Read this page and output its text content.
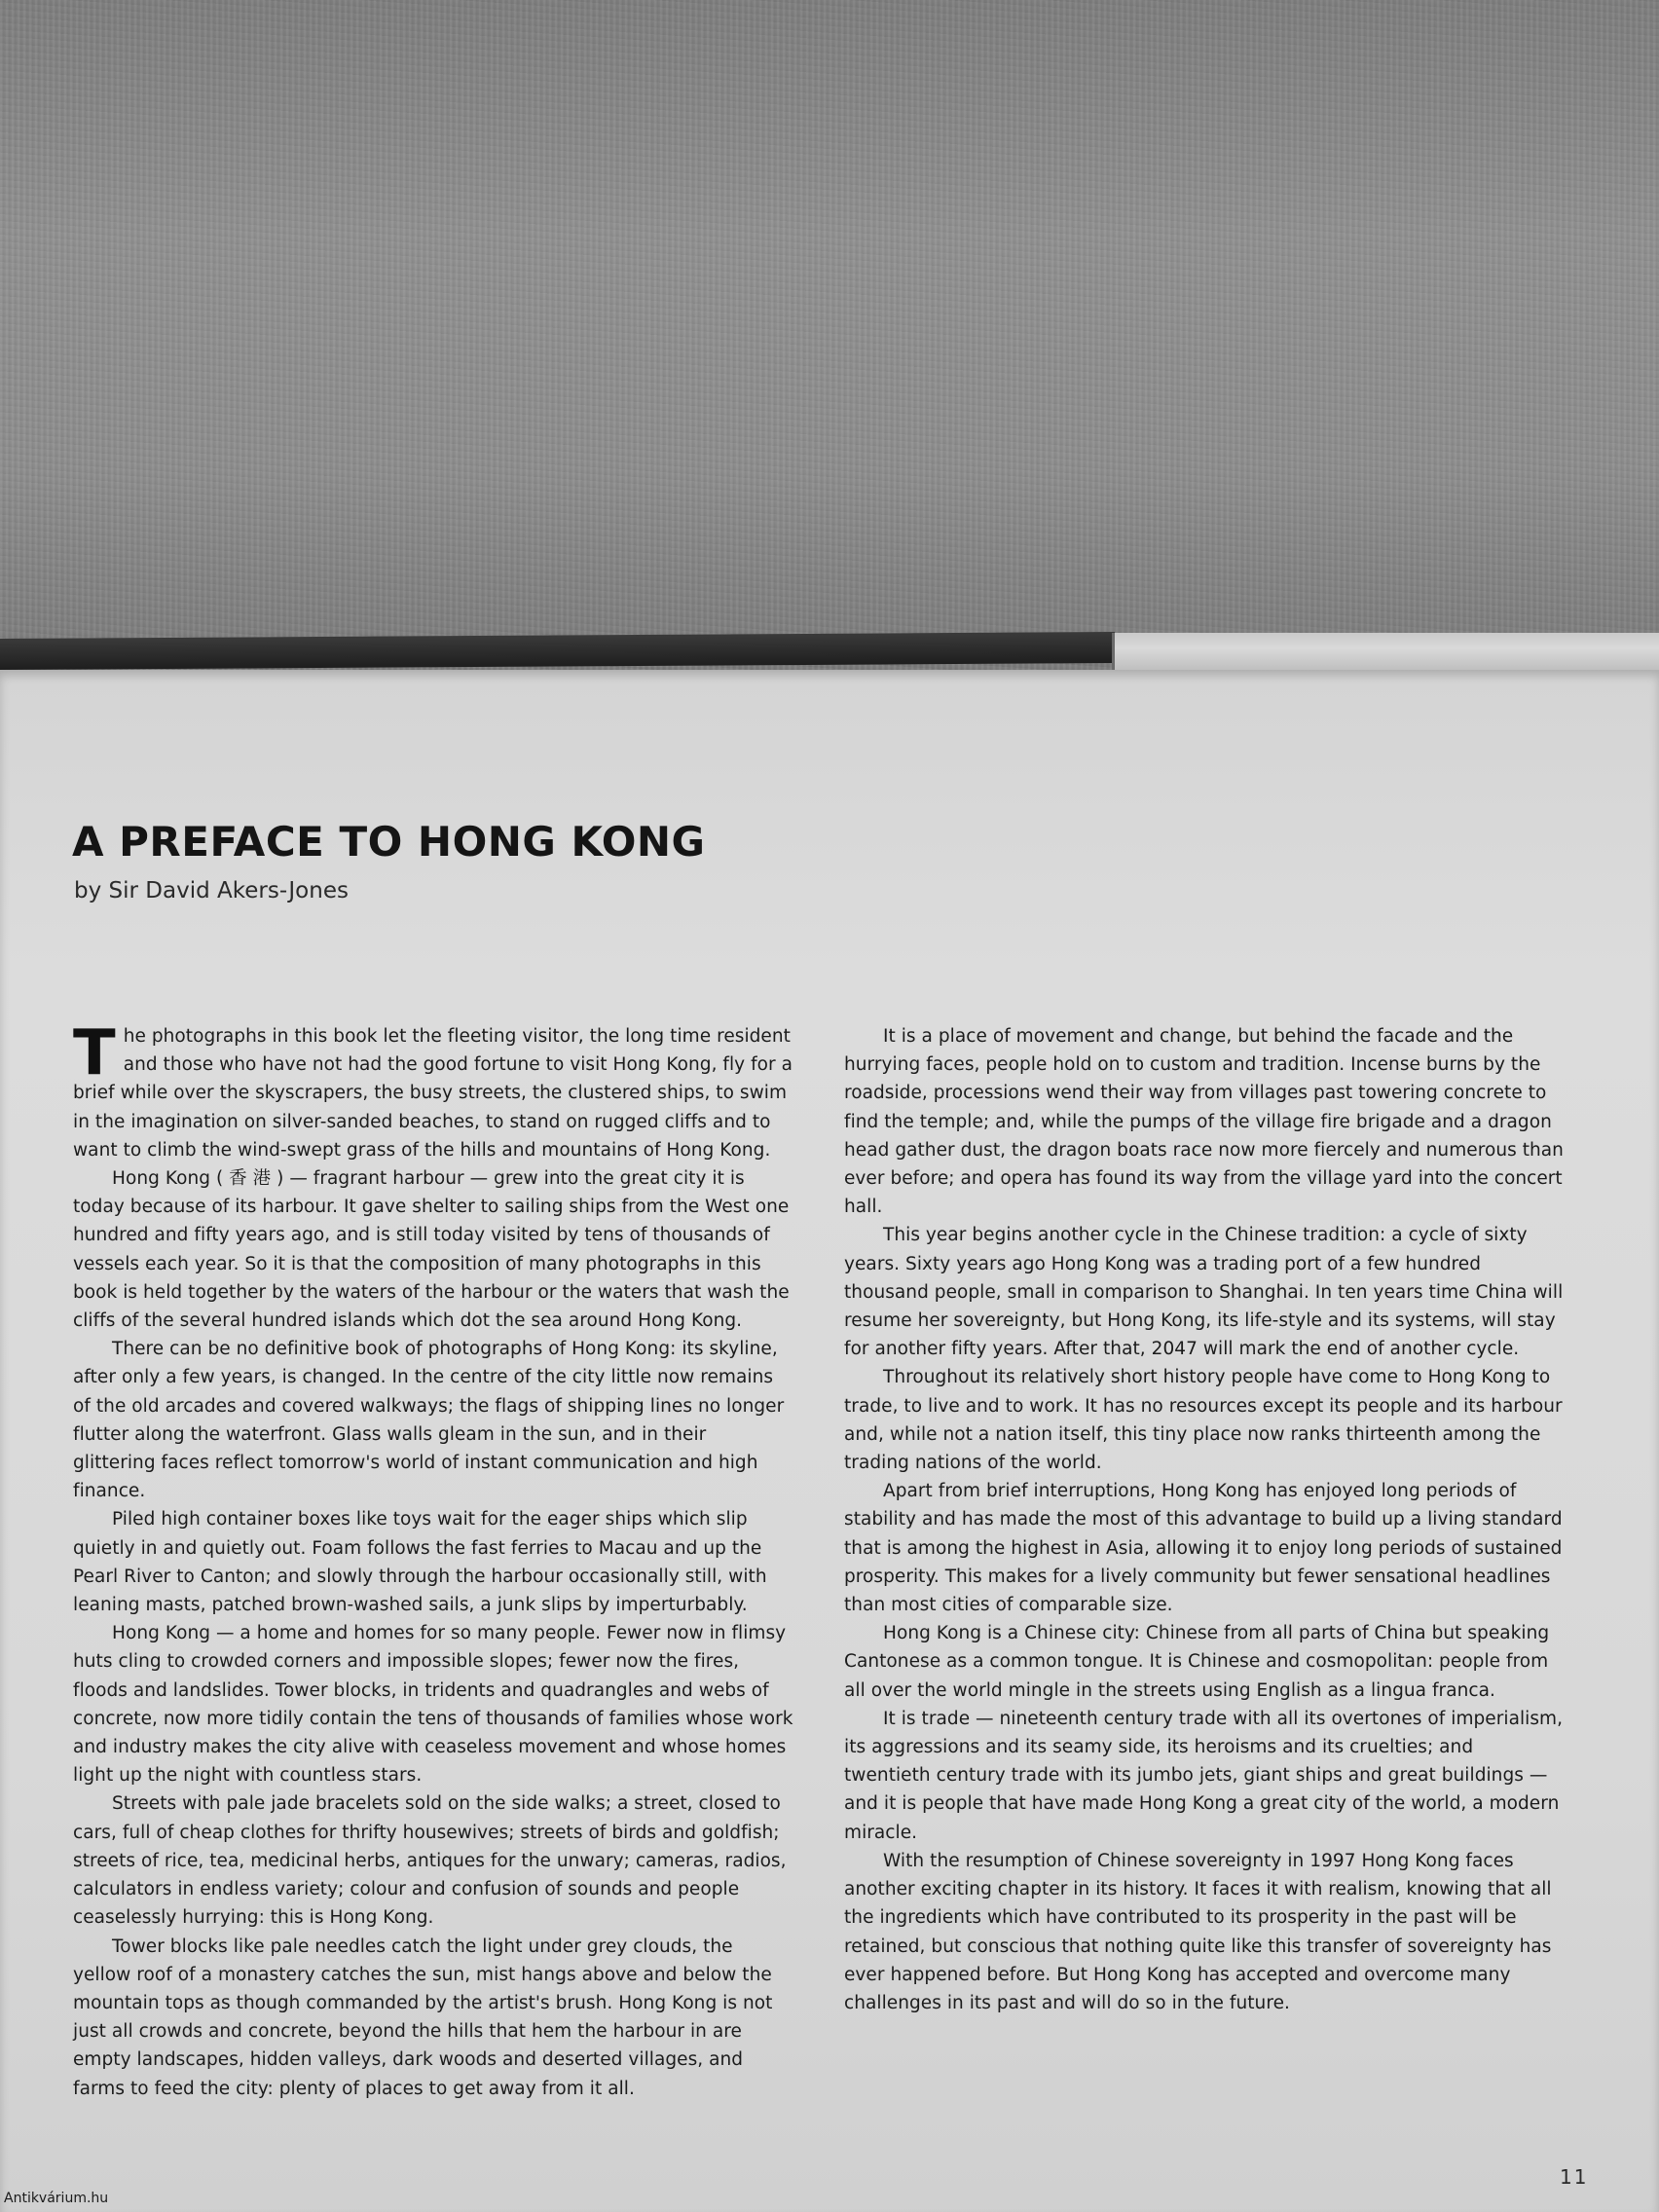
A PREFACE TO HONG KONG

by Sir David Akers-Jones

The photographs in this book let the fleeting visitor, the long time resident and those who have not had the good fortune to visit Hong Kong, fly for a brief while over the skyscrapers, the busy streets, the clustered ships, to swim in the imagination on silver-sanded beaches, to stand on rugged cliffs and to want to climb the wind-swept grass of the hills and mountains of Hong Kong.

Hong Kong ( 香 港 ) — fragrant harbour — grew into the great city it is today because of its harbour. It gave shelter to sailing ships from the West one hundred and fifty years ago, and is still today visited by tens of thousands of vessels each year. So it is that the composition of many photographs in this book is held together by the waters of the harbour or the waters that wash the cliffs of the several hundred islands which dot the sea around Hong Kong.

There can be no definitive book of photographs of Hong Kong: its skyline, after only a few years, is changed. In the centre of the city little now remains of the old arcades and covered walkways; the flags of shipping lines no longer flutter along the waterfront. Glass walls gleam in the sun, and in their glittering faces reflect tomorrow's world of instant communication and high finance.

Piled high container boxes like toys wait for the eager ships which slip quietly in and quietly out. Foam follows the fast ferries to Macau and up the Pearl River to Canton; and slowly through the harbour occasionally still, with leaning masts, patched brown-washed sails, a junk slips by imperturbably.

Hong Kong — a home and homes for so many people. Fewer now in flimsy huts cling to crowded corners and impossible slopes; fewer now the fires, floods and landslides. Tower blocks, in tridents and quadrangles and webs of concrete, now more tidily contain the tens of thousands of families whose work and industry makes the city alive with ceaseless movement and whose homes light up the night with countless stars.

Streets with pale jade bracelets sold on the side walks; a street, closed to cars, full of cheap clothes for thrifty housewives; streets of birds and goldfish; streets of rice, tea, medicinal herbs, antiques for the unwary; cameras, radios, calculators in endless variety; colour and confusion of sounds and people ceaselessly hurrying: this is Hong Kong.

Tower blocks like pale needles catch the light under grey clouds, the yellow roof of a monastery catches the sun, mist hangs above and below the mountain tops as though commanded by the artist's brush. Hong Kong is not just all crowds and concrete, beyond the hills that hem the harbour in are empty landscapes, hidden valleys, dark woods and deserted villages, and farms to feed the city: plenty of places to get away from it all.

It is a place of movement and change, but behind the facade and the hurrying faces, people hold on to custom and tradition. Incense burns by the roadside, processions wend their way from villages past towering concrete to find the temple; and, while the pumps of the village fire brigade and a dragon head gather dust, the dragon boats race now more fiercely and numerous than ever before; and opera has found its way from the village yard into the concert hall.

This year begins another cycle in the Chinese tradition: a cycle of sixty years. Sixty years ago Hong Kong was a trading port of a few hundred thousand people, small in comparison to Shanghai. In ten years time China will resume her sovereignty, but Hong Kong, its life-style and its systems, will stay for another fifty years. After that, 2047 will mark the end of another cycle.

Throughout its relatively short history people have come to Hong Kong to trade, to live and to work. It has no resources except its people and its harbour and, while not a nation itself, this tiny place now ranks thirteenth among the trading nations of the world.

Apart from brief interruptions, Hong Kong has enjoyed long periods of stability and has made the most of this advantage to build up a living standard that is among the highest in Asia, allowing it to enjoy long periods of sustained prosperity. This makes for a lively community but fewer sensational headlines than most cities of comparable size.

Hong Kong is a Chinese city: Chinese from all parts of China but speaking Cantonese as a common tongue. It is Chinese and cosmopolitan: people from all over the world mingle in the streets using English as a lingua franca.

It is trade — nineteenth century trade with all its overtones of imperialism, its aggressions and its seamy side, its heroisms and its cruelties; and twentieth century trade with its jumbo jets, giant ships and great buildings — and it is people that have made Hong Kong a great city of the world, a modern miracle.

With the resumption of Chinese sovereignty in 1997 Hong Kong faces another exciting chapter in its history. It faces it with realism, knowing that all the ingredients which have contributed to its prosperity in the past will be retained, but conscious that nothing quite like this transfer of sovereignty has ever happened before. But Hong Kong has accepted and overcome many challenges in its past and will do so in the future.

11

Antikvárium.hu
